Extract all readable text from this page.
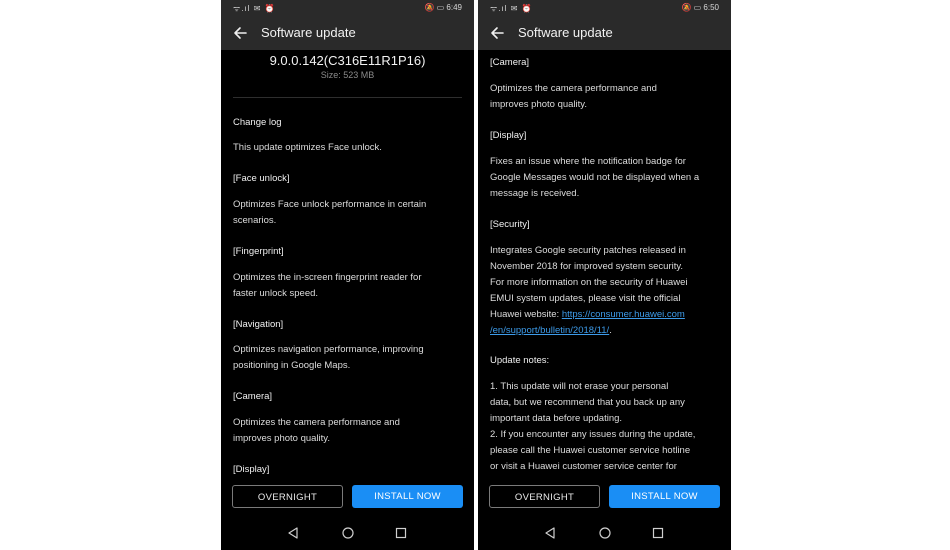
ᯤ.ıl ✉ ⏰	🔕 ▭ 6:49
Software update
9.0.0.142(C316E11R1P16)
Size: 523 MB
Change log
This update optimizes Face unlock.
[Face unlock]
Optimizes Face unlock performance in certain
scenarios.
[Fingerprint]
Optimizes the in-screen fingerprint reader for
faster unlock speed.
[Navigation]
Optimizes navigation performance, improving
positioning in Google Maps.
[Camera]
Optimizes the camera performance and
improves photo quality.
[Display]
OVERNIGHT	INSTALL NOW
ᯤ.ıl ✉ ⏰	🔕 ▭ 6:50
Software update
[Camera]
Optimizes the camera performance and
improves photo quality.
[Display]
Fixes an issue where the notification badge for
Google Messages would not be displayed when a
message is received.
[Security]
Integrates Google security patches released in
November 2018 for improved system security.
For more information on the security of Huawei
EMUI system updates, please visit the official
Huawei website: https://consumer.huawei.com
/en/support/bulletin/2018/11/.
Update notes:
1. This update will not erase your personal
data, but we recommend that you back up any
important data before updating.
2. If you encounter any issues during the update,
please call the Huawei customer service hotline
or visit a Huawei customer service center for
OVERNIGHT	INSTALL NOW
